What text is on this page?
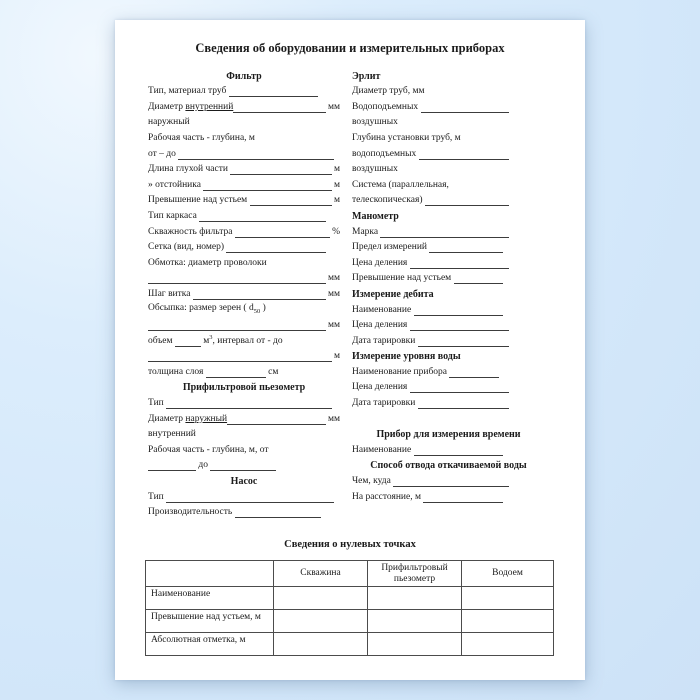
Сведения об оборудовании и измерительных приборах
Фильтр
Тип, материал труб
Диаметр внутренний	мм
наружный
Рабочая часть - глубина, м
от – до
Длина глухой части	м
» отстойника	м
Превышение над устьем	м
Тип каркаса
Скважность фильтра	%
Сетка (вид, номер)
Обмотка: диаметр проволоки
мм
Шаг витка	мм
Обсыпка: размер зерен ( $d_{50}$ )
мм
объем	$м^3$, интервал от - до
м
толщина слоя	см
Прифильтровой пьезометр
Тип
Диаметр наружный	мм
внутренний
Рабочая часть - глубина, м, от
до
Насос
Тип
Производительность
Эрлит
Диаметр труб, мм
Водоподъемных
воздушных
Глубина установки труб, м
водоподъемных
воздушных
Система (параллельная,
телескопическая)
Манометр
Марка
Предел измерений
Цена деления
Превышение над устьем
Измерение дебита
Наименование
Цена деления
Дата тарировки
Измерение уровня воды
Наименование прибора
Цена деления
Дата тарировки
Прибор для измерения времени
Наименование
Способ отвода откачиваемой воды
Чем, куда
На расстояние, м
Сведения о нулевых точках
	Скважина	Прифильтровый пьезометр	Водоем
Наименование			
Превышение над устьем, м			
Абсолютная отметка, м			
